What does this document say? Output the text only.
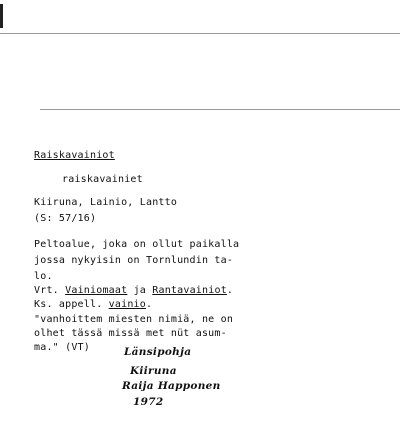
Raiskavainiot
raiskavainiet
Kiiruna, Lainio, Lantto
(S: 57/16)
Peltoalue, joka on ollut paikalla
jossa nykyisin on Tornlundin ta-
lo.
Vrt. Vainiomaat ja Rantavainiot.
Ks. appell. vainio.
"vanhoittem miesten nimiä, ne on
olhet tässä missä met nüt asum-
ma." (VT)	Länsipohja
Kiiruna
Raija Happonen
1972
